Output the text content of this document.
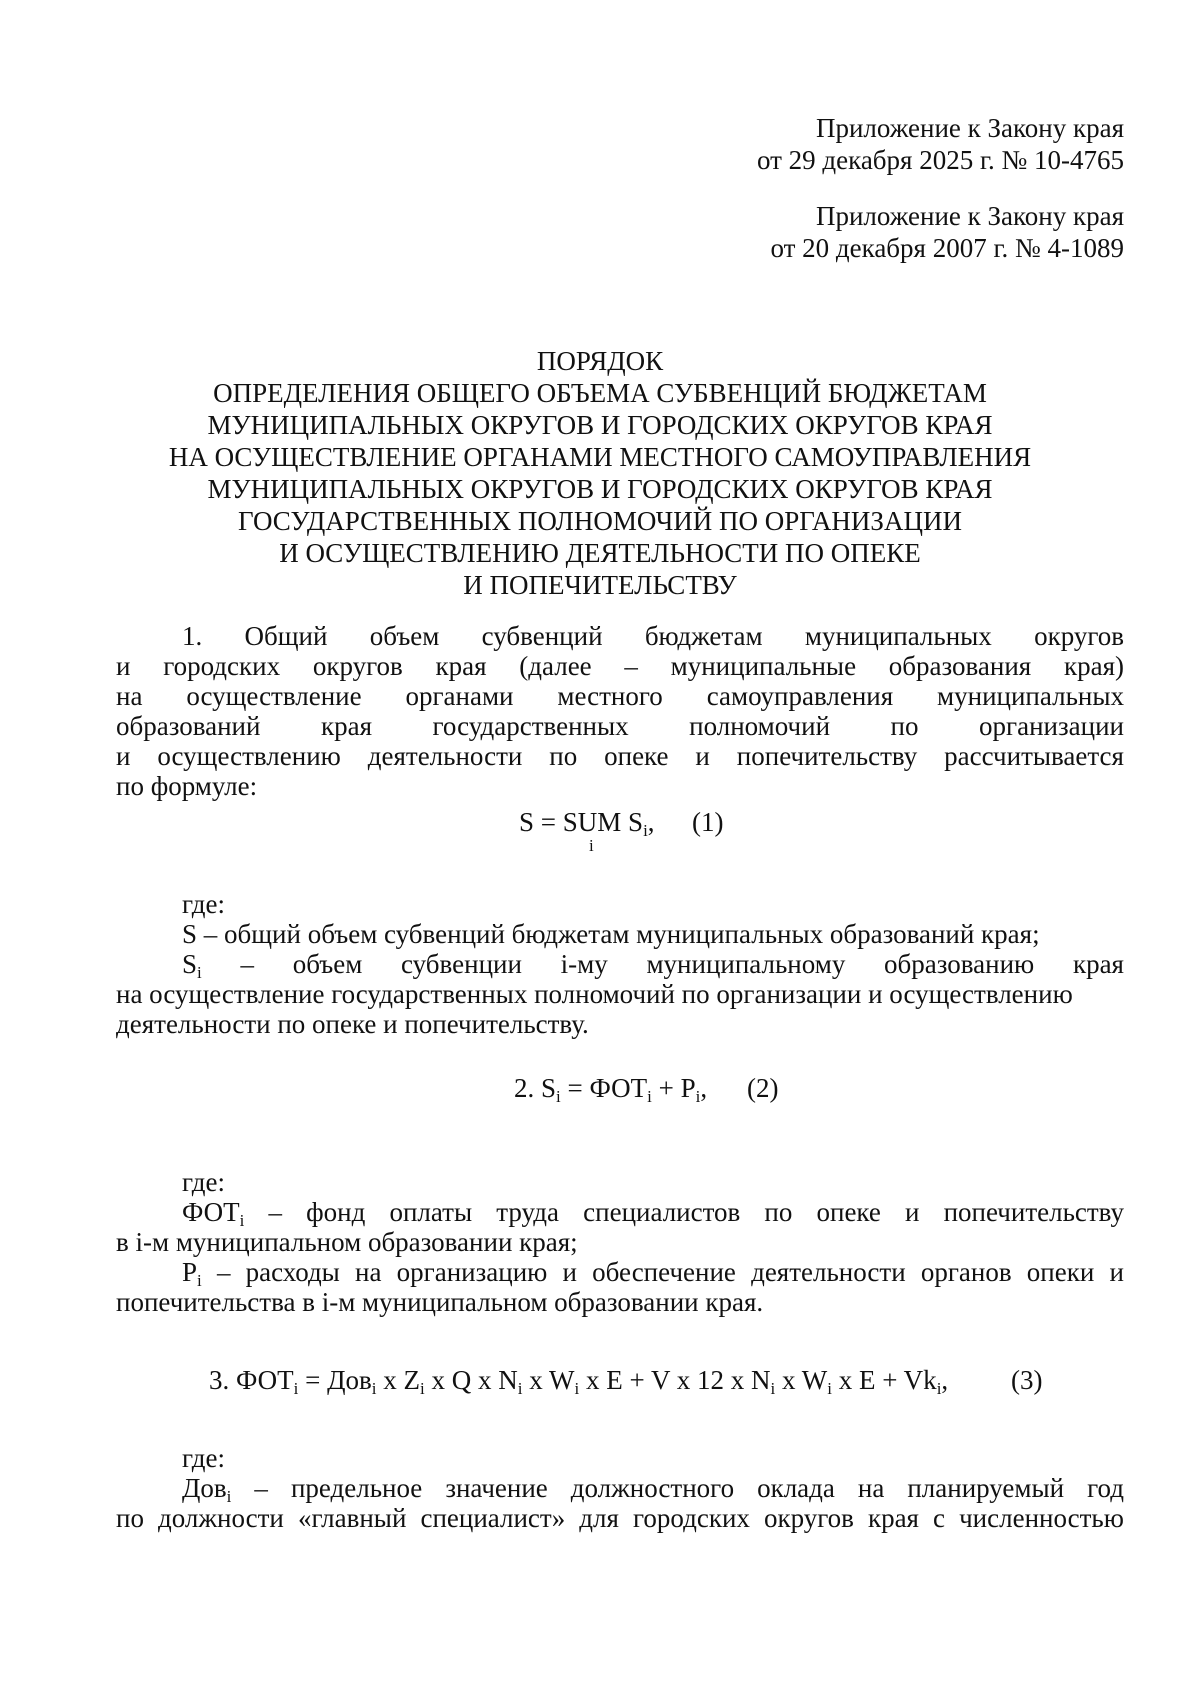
Приложение к Закону края
от 29 декабря 2025 г. № 10-4765
Приложение к Закону края
от 20 декабря 2007 г. № 4-1089
ПОРЯДОК
ОПРЕДЕЛЕНИЯ ОБЩЕГО ОБЪЕМА СУБВЕНЦИЙ БЮДЖЕТАМ
МУНИЦИПАЛЬНЫХ ОКРУГОВ И ГОРОДСКИХ ОКРУГОВ КРАЯ
НА ОСУЩЕСТВЛЕНИЕ ОРГАНАМИ МЕСТНОГО САМОУПРАВЛЕНИЯ
МУНИЦИПАЛЬНЫХ ОКРУГОВ И ГОРОДСКИХ ОКРУГОВ КРАЯ
ГОСУДАРСТВЕННЫХ ПОЛНОМОЧИЙ ПО ОРГАНИЗАЦИИ
И ОСУЩЕСТВЛЕНИЮ ДЕЯТЕЛЬНОСТИ ПО ОПЕКЕ
И ПОПЕЧИТЕЛЬСТВУ
1. Общий объем субвенций бюджетам муниципальных округов
и городских округов края (далее – муниципальные образования края)
на осуществление органами местного самоуправления муниципальных
образований края государственных полномочий по организации
и осуществлению деятельности по опеке и попечительству рассчитывается
по формуле:
S = SUM Si,
i
(1)
где:
S – общий объем субвенций бюджетам муниципальных образований края;
Si – объем субвенции i-му муниципальному образованию края
на осуществление государственных полномочий по организации и осуществлению
деятельности по опеке и попечительству.
2. Si = ФОТi + Pi, (2)
где:
ФОТi – фонд оплаты труда специалистов по опеке и попечительству
в i-м муниципальном образовании края;
Pi – расходы на организацию и обеспечение деятельности органов опеки и
попечительства в i-м муниципальном образовании края.
3. ФОТi = Довi x Zi x Q x Ni x Wi x E + V x 12 x Ni x Wi x E + Vki, (3)
где:
Довi – предельное значение должностного оклада на планируемый год
по должности «главный специалист» для городских округов края с численностью
